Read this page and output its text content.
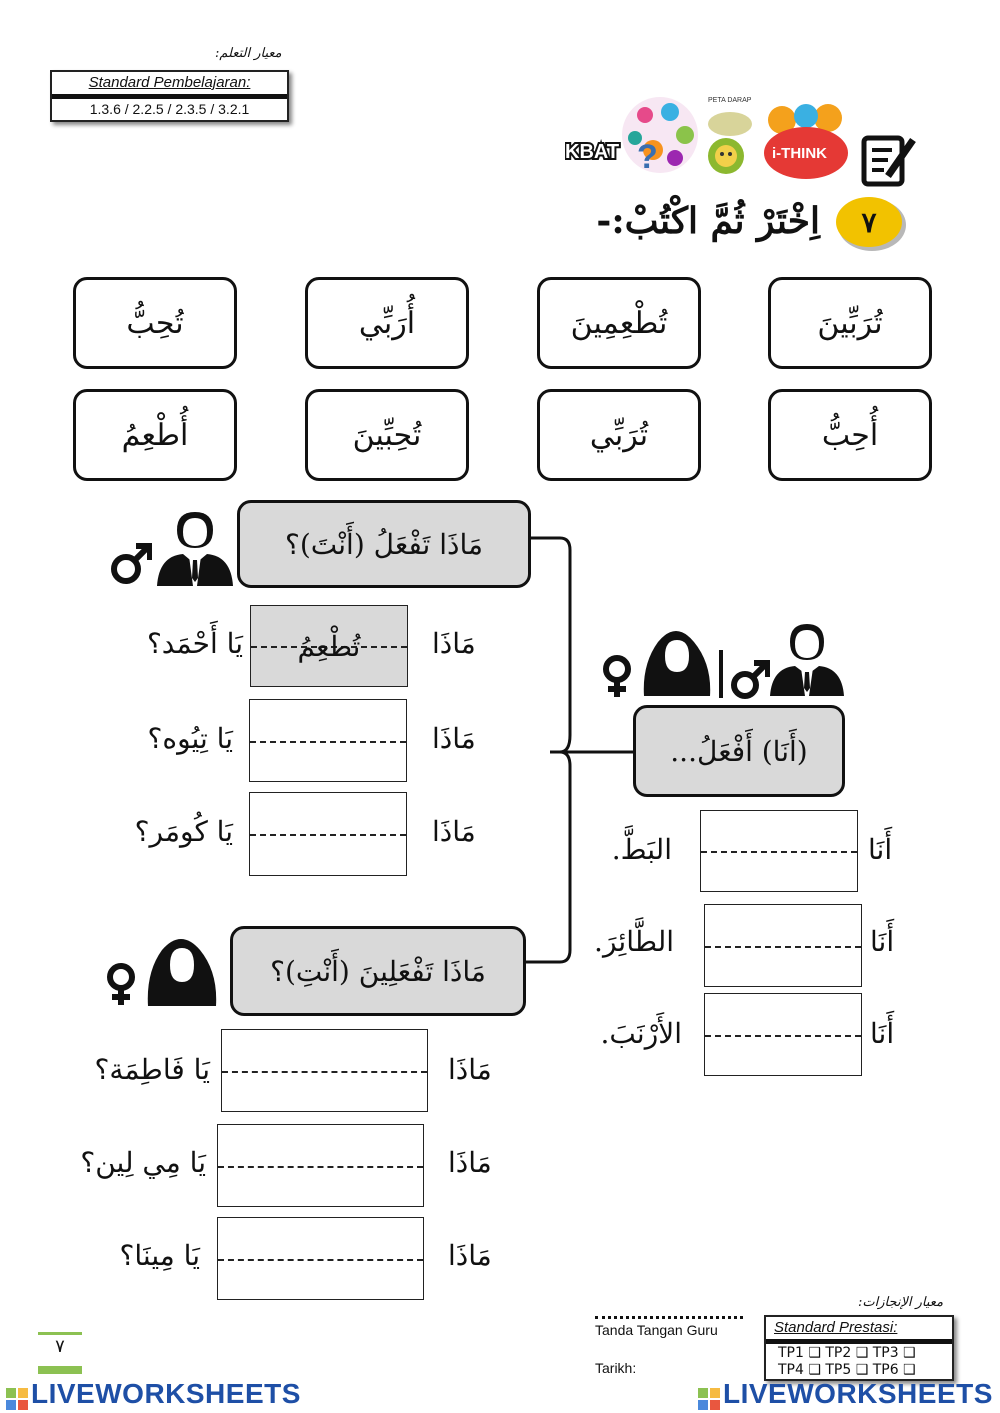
معيار التعلم:
Standard Pembelajaran:
1.3.6 / 2.2.5 / 2.3.5 / 3.2.1
?
KBAT
PETA DARAP
i-THINK
٧
اِخْتَرْ ثُمَّ اكْتُبْ:-
تُرَبِّينَ
تُطْعِمِينَ
أُرَبِّي
تُحِبُّ
أُحِبُّ
تُرَبِّي
تُحِبِّينَ
أُطْعِمُ
مَاذَا تَفْعَلُ (أَنْتَ)؟
مَاذَا
تُطْعِمُ
يَا أَحْمَد؟
مَاذَا
يَا تِيُوه؟
مَاذَا
يَا كُومَر؟
(أَنَا) أَفْعَلُ...
أَنَا
البَطَّ.
أَنَا
الطَّائِرَ.
أَنَا
الأَرْنَبَ.
مَاذَا تَفْعَلِينَ (أَنْتِ)؟
مَاذَا
يَا فَاطِمَة؟
مَاذَا
يَا مِي لِين؟
مَاذَا
يَا مِينَا؟
٧
Tanda Tangan Guru
Tarikh:
معيار الإنجازات:
Standard Prestasi:
TP1 ❑ TP2 ❑ TP3 ❑
TP4 ❑ TP5 ❑ TP6 ❑
LIVEWORKSHEETS	LIVEWORKSHEETS
